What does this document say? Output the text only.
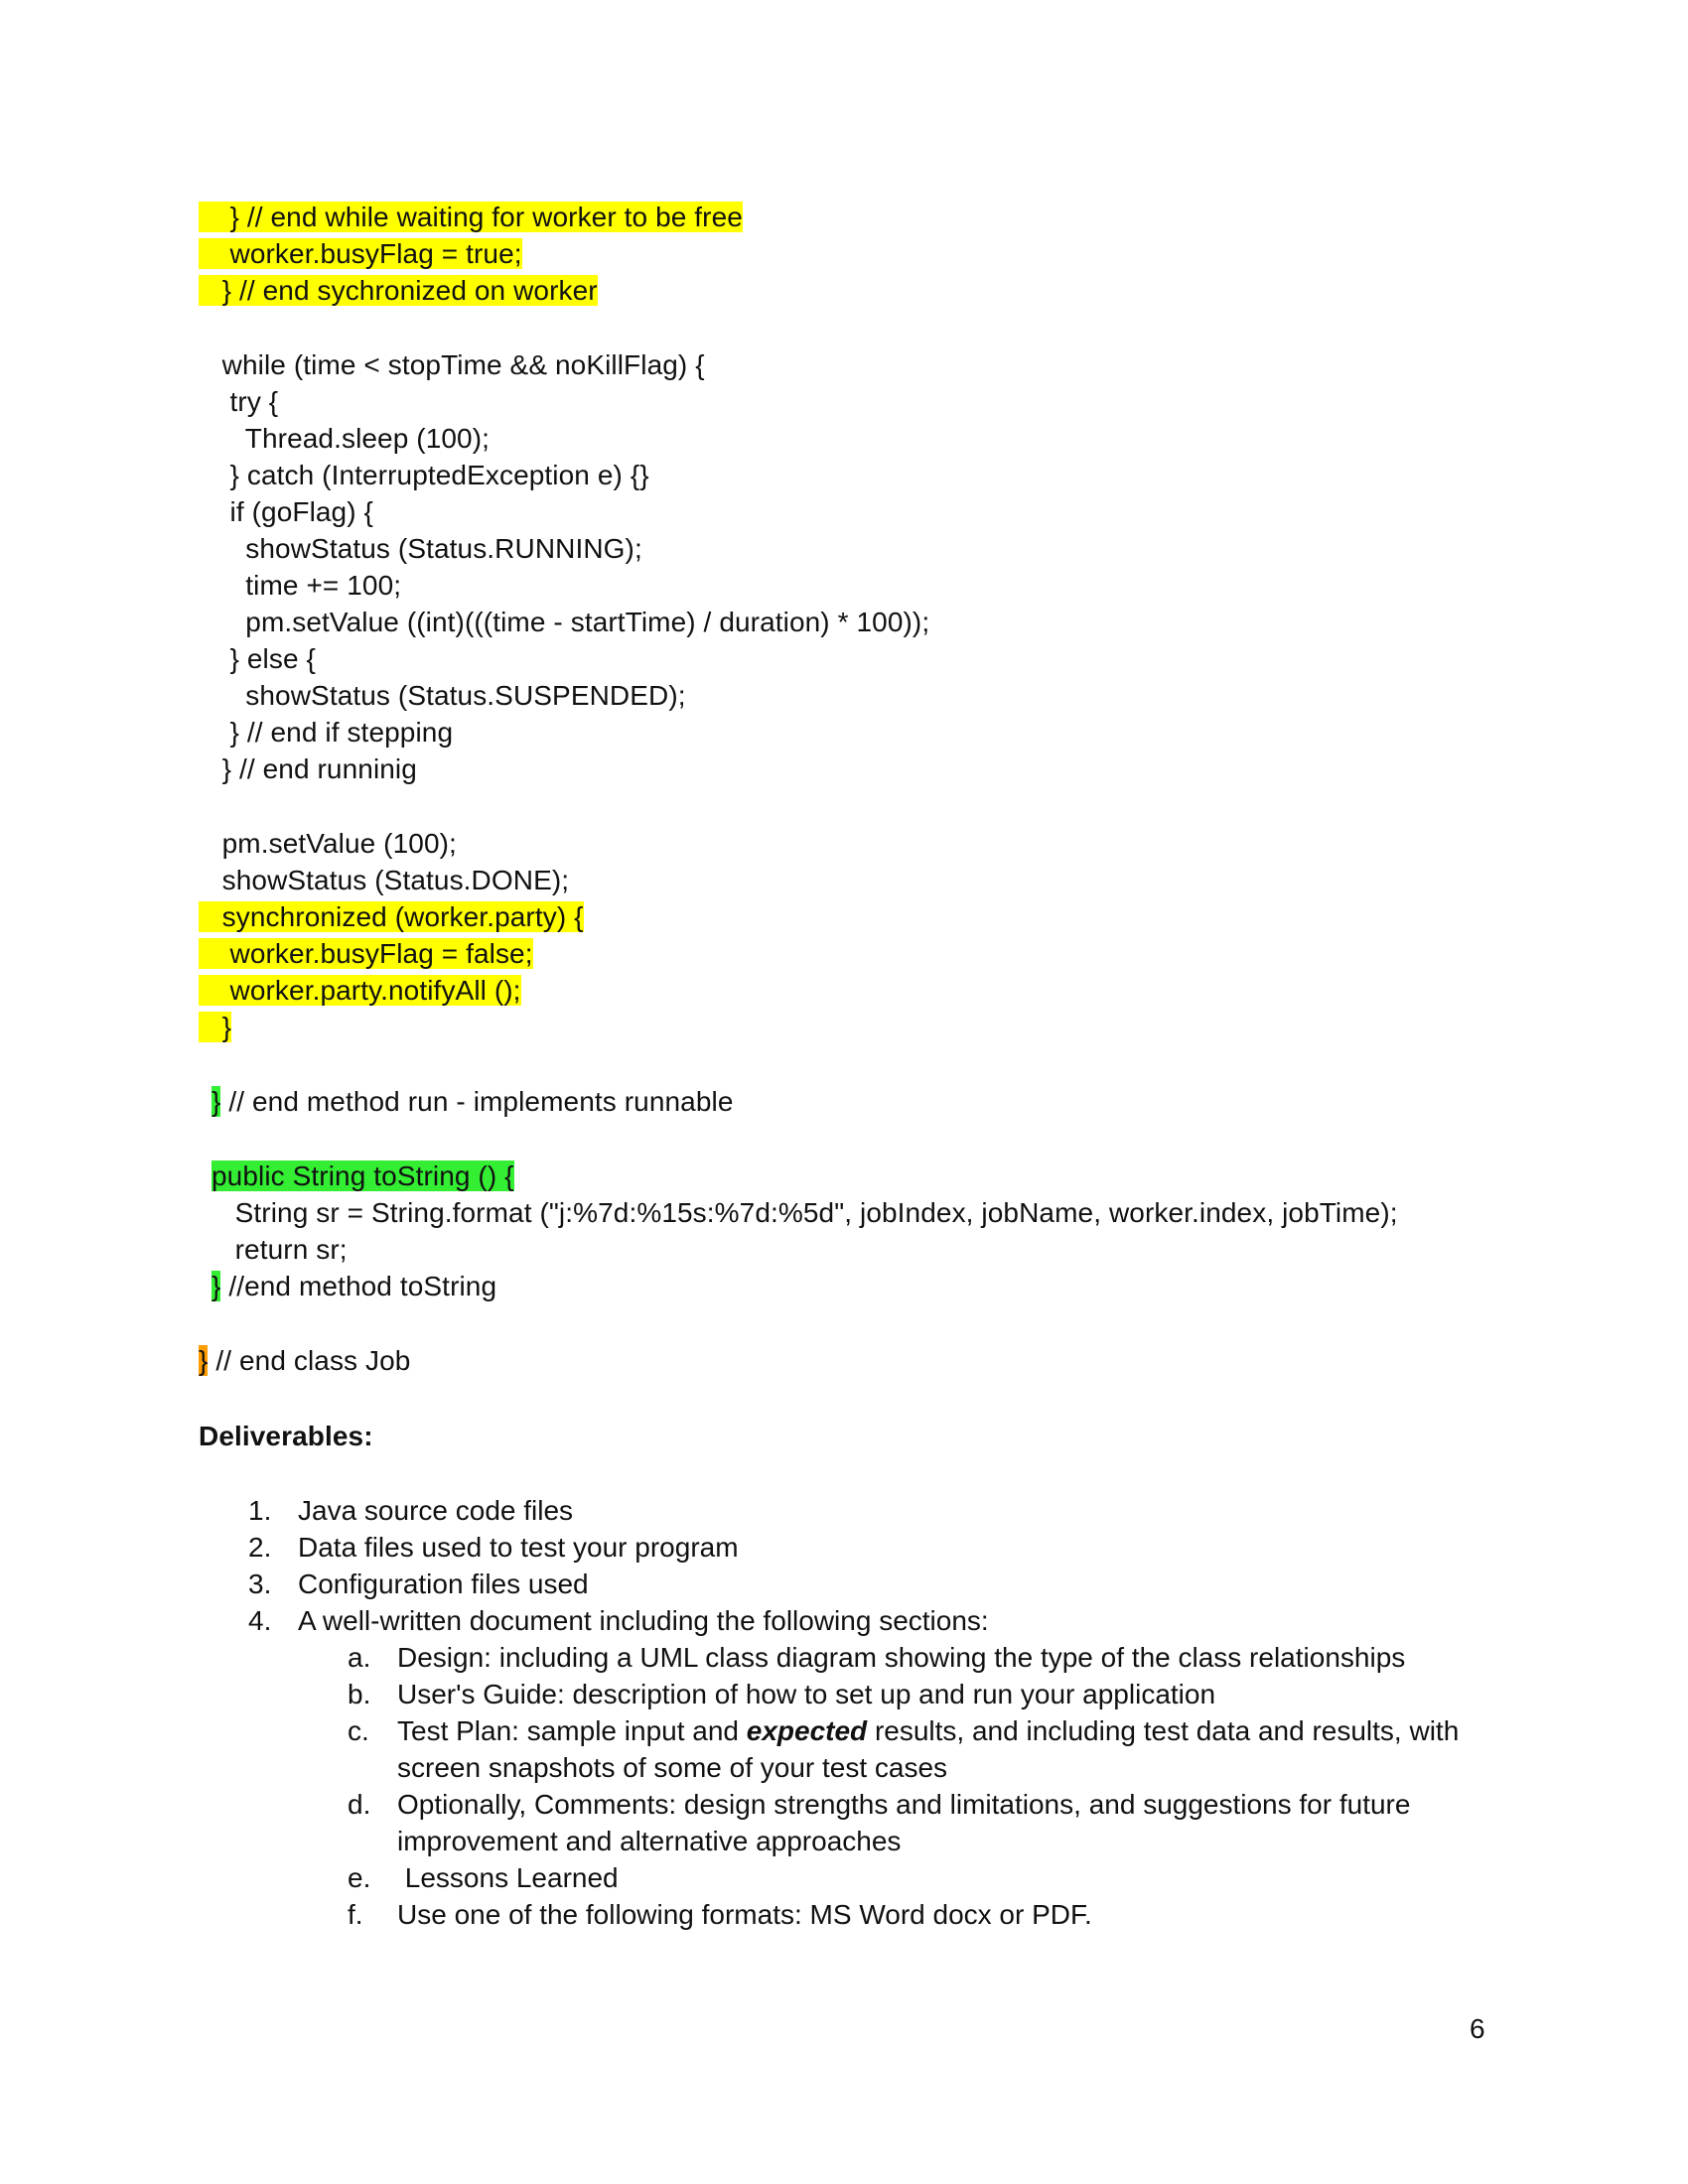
} // end while waiting for worker to be free
worker.busyFlag = true;
} // end sychronized on worker
while (time < stopTime && noKillFlag) {
try {
Thread.sleep (100);
} catch (InterruptedException e) {}
if (goFlag) {
showStatus (Status.RUNNING);
time += 100;
pm.setValue ((int)(((time - startTime) / duration) * 100));
} else {
showStatus (Status.SUSPENDED);
} // end if stepping
} // end runninig
pm.setValue (100);
showStatus (Status.DONE);
synchronized (worker.party) {
worker.busyFlag = false;
worker.party.notifyAll ();
}
} // end method run - implements runnable
public String toString () {
String sr = String.format ("j:%7d:%15s:%7d:%5d", jobIndex, jobName, worker.index, jobTime);
return sr;
} //end method toString
} // end class Job
Deliverables:
1. Java source code files
2. Data files used to test your program
3. Configuration files used
4. A well-written document including the following sections:
a. Design: including a UML class diagram showing the type of the class relationships
b. User's Guide: description of how to set up and run your application
c. Test Plan: sample input and expected results, and including test data and results, with
screen snapshots of some of your test cases
d. Optionally, Comments: design strengths and limitations, and suggestions for future
improvement and alternative approaches
e. Lessons Learned
f. Use one of the following formats: MS Word docx or PDF.
6
